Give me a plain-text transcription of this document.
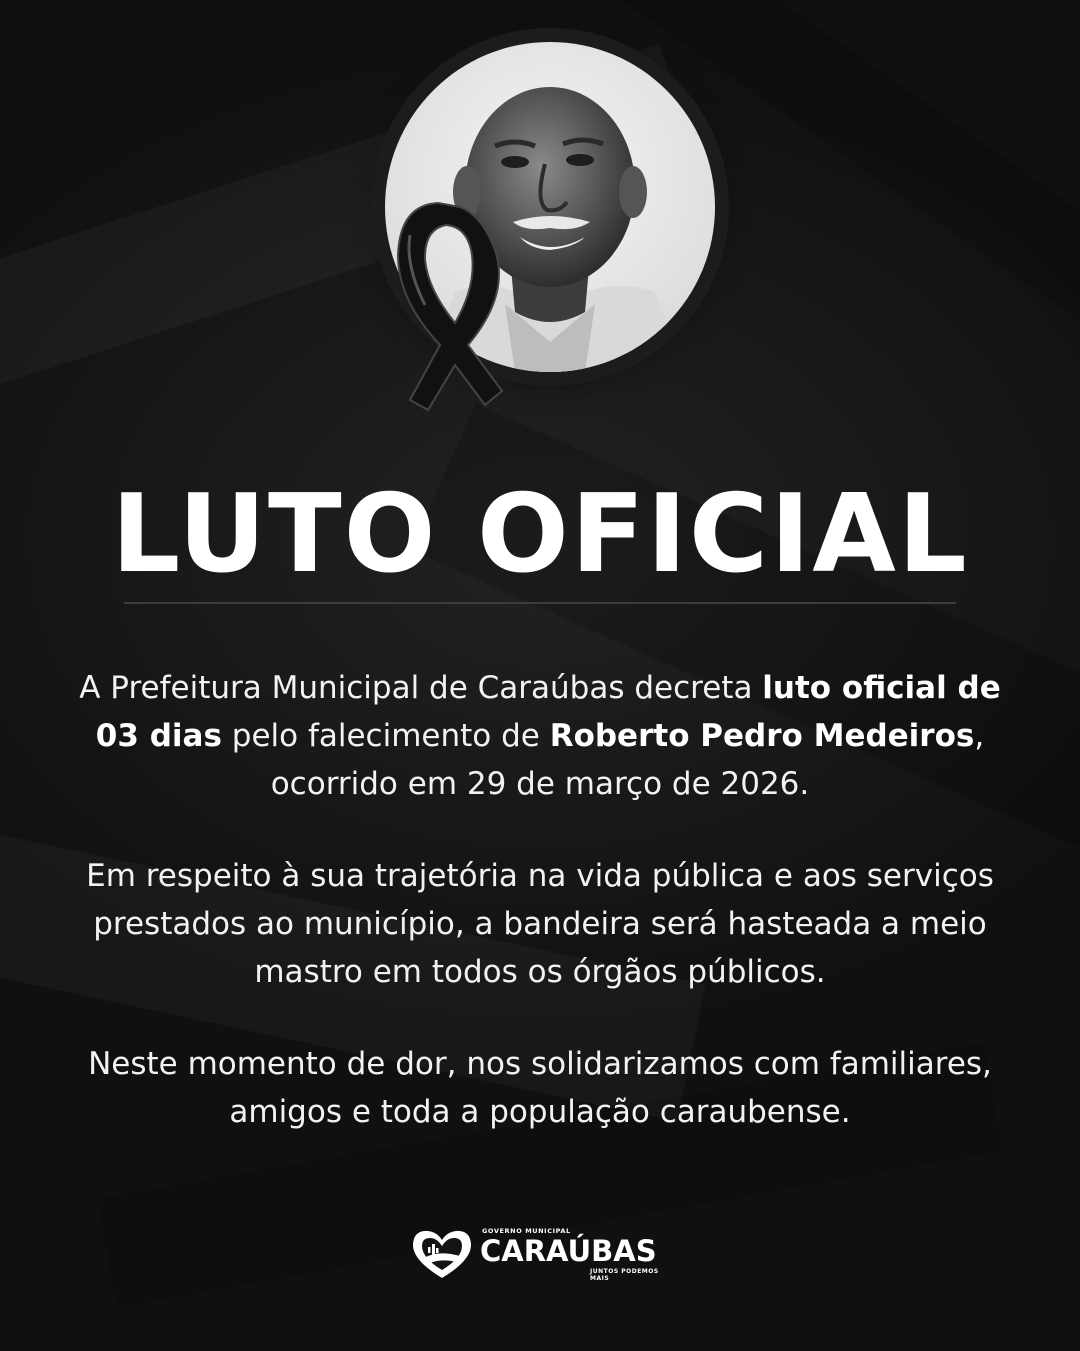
LUTO OFICIAL
A Prefeitura Municipal de Caraúbas decreta luto oficial de 03 dias pelo falecimento de Roberto Pedro Medeiros, ocorrido em 29 de março de 2026.
Em respeito à sua trajetória na vida pública e aos serviços prestados ao município, a bandeira será hasteada a meio mastro em todos os órgãos públicos.
Neste momento de dor, nos solidarizamos com familiares, amigos e toda a população caraubense.
GOVERNO MUNICIPAL
CARAÚBAS
JUNTOS PODEMOS MAIS
